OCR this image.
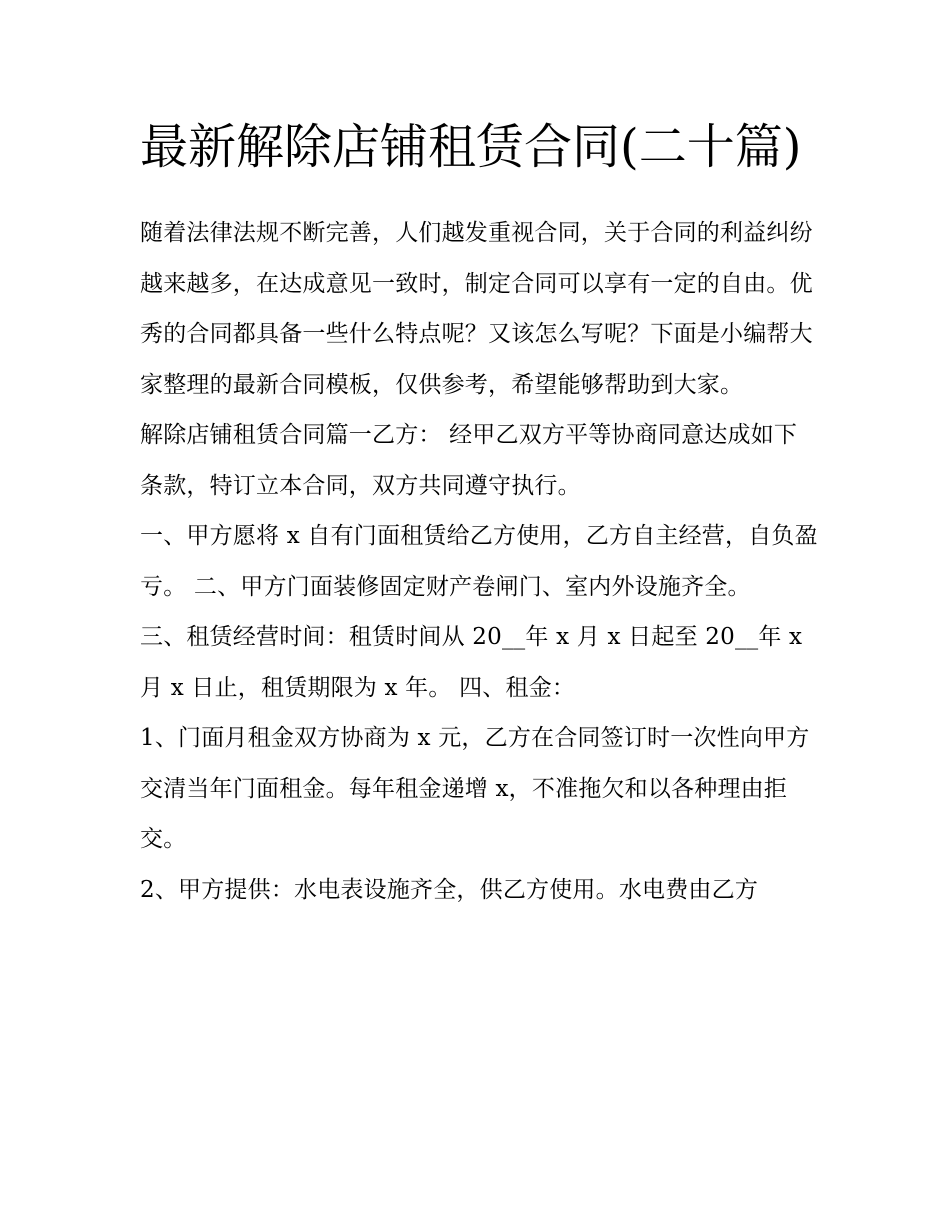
最新解除店铺租赁合同(二十篇)

随着法律法规不断完善，人们越发重视合同，关于合同的利益纠纷越来越多，在达成意见一致时，制定合同可以享有一定的自由。优秀的合同都具备一些什么特点呢？又该怎么写呢？下面是小编帮大家整理的最新合同模板，仅供参考，希望能够帮助到大家。

解除店铺租赁合同篇一乙方： 经甲乙双方平等协商同意达成如下条款，特订立本合同，双方共同遵守执行。

一、甲方愿将 x 自有门面租赁给乙方使用，乙方自主经营，自负盈亏。 二、甲方门面装修固定财产卷闸门、室内外设施齐全。

三、租赁经营时间：租赁时间从 20__年 x 月 x 日起至 20__年 x 月 x 日止，租赁期限为 x 年。 四、租金：

1、门面月租金双方协商为 x 元，乙方在合同签订时一次性向甲方交清当年门面租金。每年租金递增 x，不准拖欠和以各种理由拒交。

2、甲方提供：水电表设施齐全，供乙方使用。水电费由乙方
